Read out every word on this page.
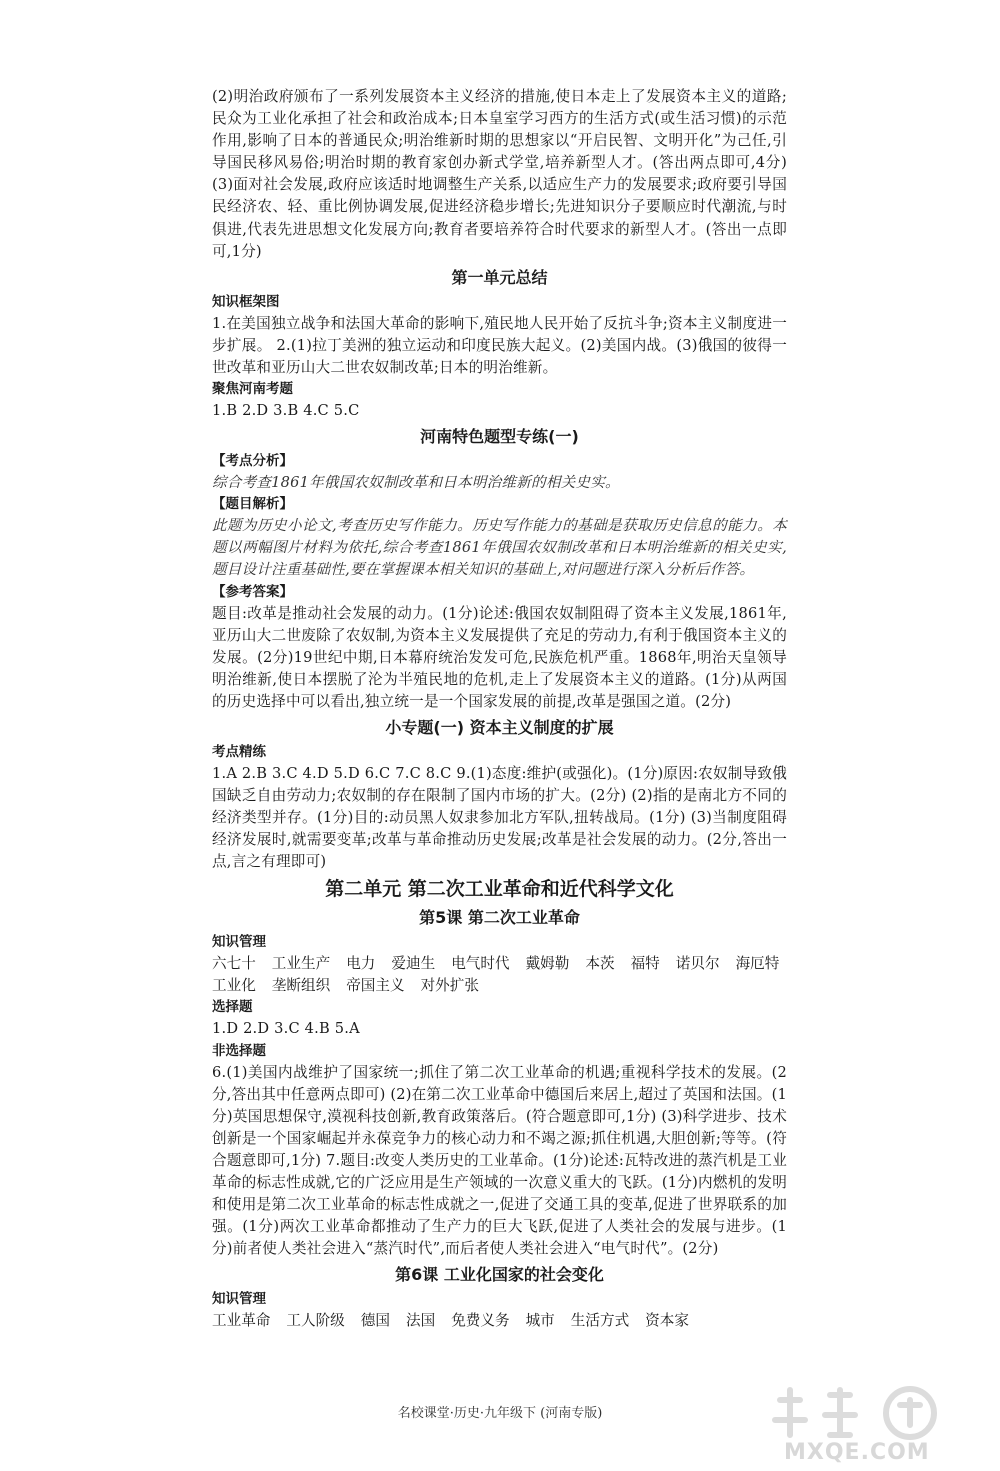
(2)明治政府颁布了一系列发展资本主义经济的措施,使日本走上了发展资本主义的道路;民众为工业化承担了社会和政治成本;日本皇室学习西方的生活方式(或生活习惯)的示范作用,影响了日本的普通民众;明治维新时期的思想家以“开启民智、文明开化”为己任,引导国民移风易俗;明治时期的教育家创办新式学堂,培养新型人才。(答出两点即可,4分) (3)面对社会发展,政府应该适时地调整生产关系,以适应生产力的发展要求;政府要引导国民经济农、轻、重比例协调发展,促进经济稳步增长;先进知识分子要顺应时代潮流,与时俱进,代表先进思想文化发展方向;教育者要培养符合时代要求的新型人才。(答出一点即可,1分)

第一单元总结
知识框架图

1.在美国独立战争和法国大革命的影响下,殖民地人民开始了反抗斗争;资本主义制度进一步扩展。 2.(1)拉丁美洲的独立运动和印度民族大起义。(2)美国内战。(3)俄国的彼得一世改革和亚历山大二世农奴制改革;日本的明治维新。

聚焦河南考题

1.B 2.D 3.B 4.C 5.C

河南特色题型专练(一)
【考点分析】

综合考查1861年俄国农奴制改革和日本明治维新的相关史实。

【题目解析】

此题为历史小论文,考查历史写作能力。历史写作能力的基础是获取历史信息的能力。本题以两幅图片材料为依托,综合考查1861年俄国农奴制改革和日本明治维新的相关史实,题目设计注重基础性,要在掌握课本相关知识的基础上,对问题进行深入分析后作答。

【参考答案】

题目:改革是推动社会发展的动力。(1分)论述:俄国农奴制阻碍了资本主义发展,1861年,亚历山大二世废除了农奴制,为资本主义发展提供了充足的劳动力,有利于俄国资本主义的发展。(2分)19世纪中期,日本幕府统治发发可危,民族危机严重。1868年,明治天皇领导明治维新,使日本摆脱了沦为半殖民地的危机,走上了发展资本主义的道路。(1分)从两国的历史选择中可以看出,独立统一是一个国家发展的前提,改革是强国之道。(2分)

小专题(一) 资本主义制度的扩展
考点精练

1.A 2.B 3.C 4.D 5.D 6.C 7.C 8.C 9.(1)态度:维护(或强化)。(1分)原因:农奴制导致俄国缺乏自由劳动力;农奴制的存在限制了国内市场的扩大。(2分) (2)指的是南北方不同的经济类型并存。(1分)目的:动员黑人奴隶参加北方军队,扭转战局。(1分) (3)当制度阻碍经济发展时,就需要变革;改革与革命推动历史发展;改革是社会发展的动力。(2分,答出一点,言之有理即可)

第二单元 第二次工业革命和近代科学文化
第5课 第二次工业革命
知识管理
六七十 工业生产 电力 爱迪生 电气时代 戴姆勒 本茨 福特 诺贝尔 海厄特
工业化 垄断组织 帝国主义 对外扩张
选择题

1.D 2.D 3.C 4.B 5.A

非选择题

6.(1)美国内战维护了国家统一;抓住了第二次工业革命的机遇;重视科学技术的发展。(2分,答出其中任意两点即可) (2)在第二次工业革命中德国后来居上,超过了英国和法国。(1分)英国思想保守,漠视科技创新,教育政策落后。(符合题意即可,1分) (3)科学进步、技术创新是一个国家崛起并永葆竞争力的核心动力和不竭之源;抓住机遇,大胆创新;等等。(符合题意即可,1分) 7.题目:改变人类历史的工业革命。(1分)论述:瓦特改进的蒸汽机是工业革命的标志性成就,它的广泛应用是生产领域的一次意义重大的飞跃。(1分)内燃机的发明和使用是第二次工业革命的标志性成就之一,促进了交通工具的变革,促进了世界联系的加强。(1分)两次工业革命都推动了生产力的巨大飞跃,促进了人类社会的发展与进步。(1分)前者使人类社会进入“蒸汽时代”,而后者使人类社会进入“电气时代”。(2分)

第6课 工业化国家的社会变化
知识管理
工业革命 工人阶级 德国 法国 免费义务 城市 生活方式 资本家
名校课堂·历史·九年级下 (河南专版)
MXQE.COM
